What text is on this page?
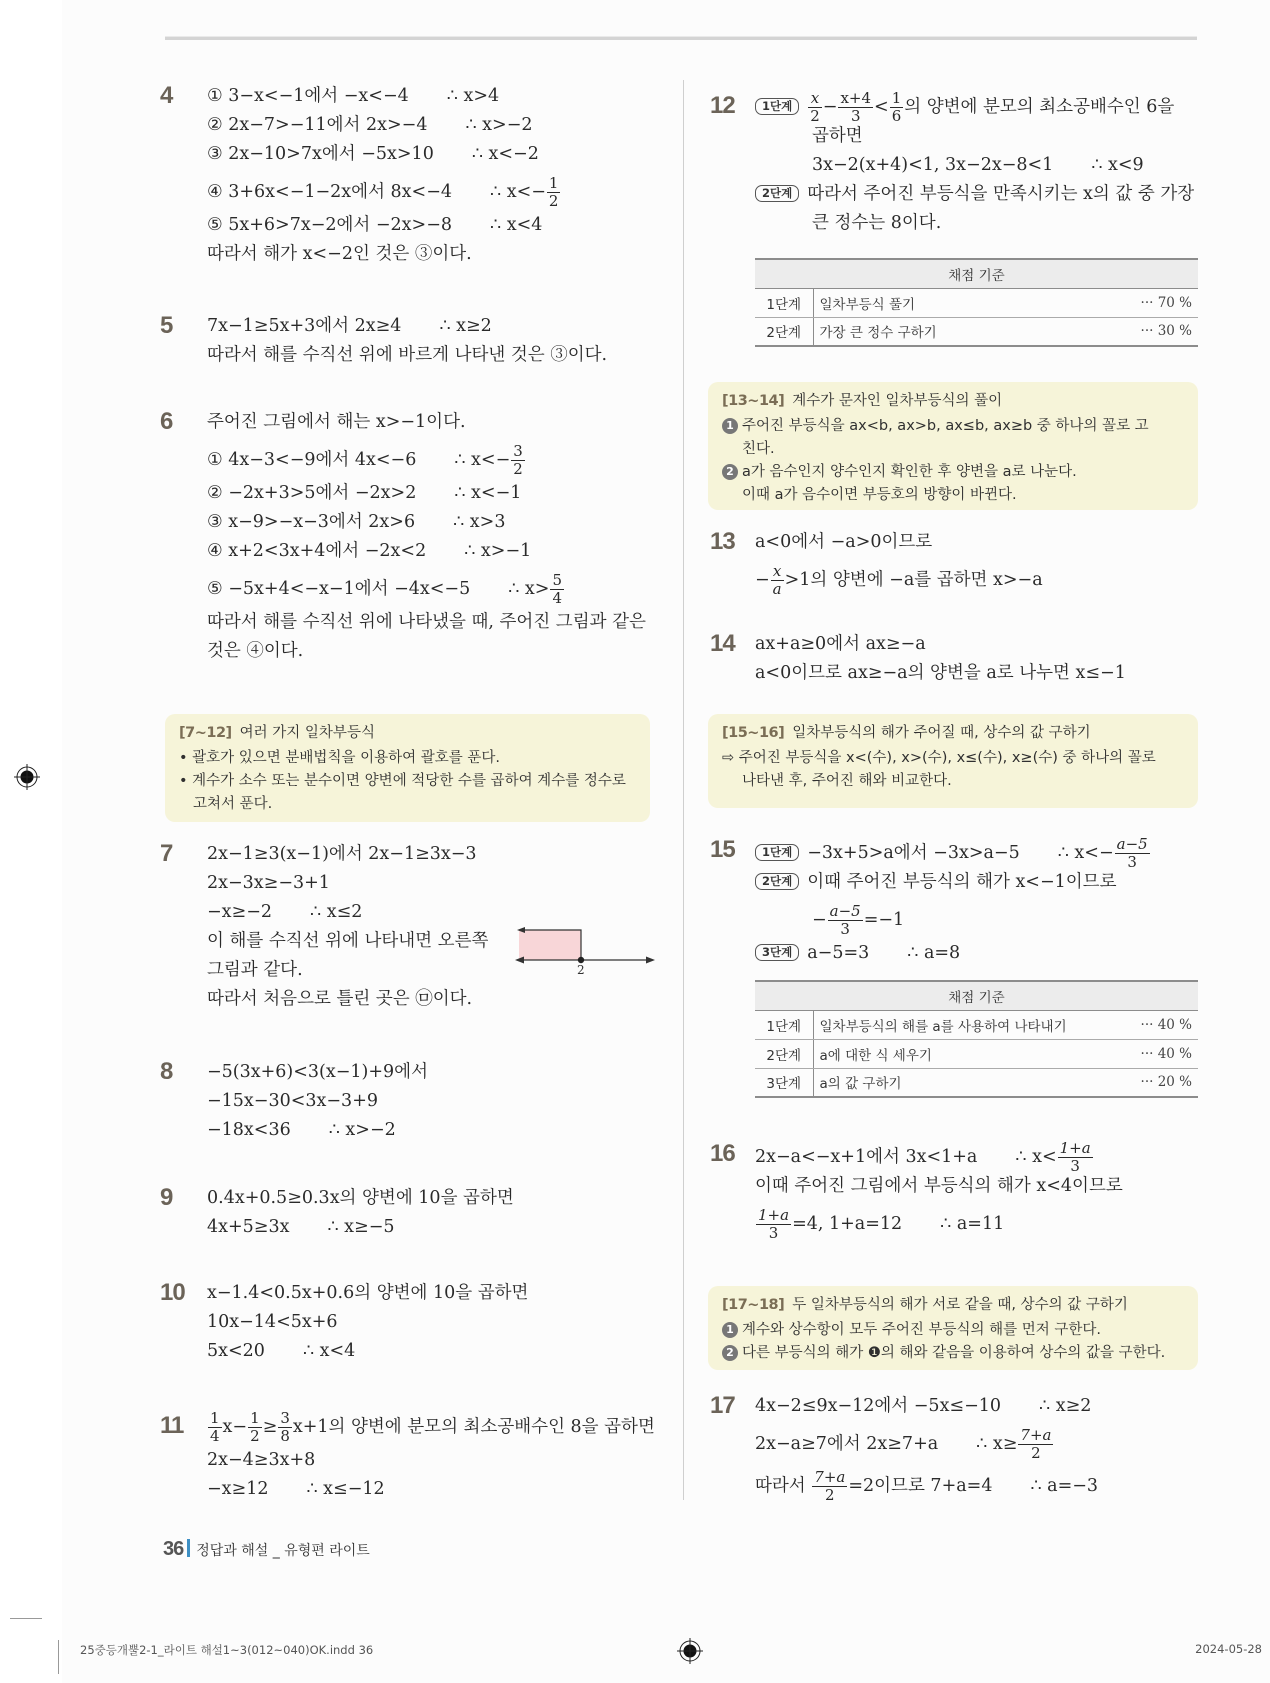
4 ① 3−x<−1에서 −x<−4 ∴ x>4
② 2x−7>−11에서 2x>−4 ∴ x>−2
③ 2x−10>7x에서 −5x>10 ∴ x<−2
④ 3+6x<−1−2x에서 8x<−4 ∴ $x<- \frac{1}{2}$
⑤ 5x+6>7x−2에서 −2x>−8 ∴ x<4
따라서 해가 x<−2인 것은 ③이다.
5 7x−1≥5x+3에서 2x≥4 ∴ x≥2
따라서 해를 수직선 위에 바르게 나타낸 것은 ③이다.
6 주어진 그림에서 해는 x>−1이다.
① 4x−3<−9에서 4x<−6 ∴ $x<- \frac{3}{2}$
② −2x+3>5에서 −2x>2 ∴ x<−1
③ x−9>−x−3에서 2x>6 ∴ x>3
④ x+2<3x+4에서 −2x<2 ∴ x>−1
⑤ −5x+4<−x−1에서 −4x<−5 ∴ $x> \frac{5}{4}$
따라서 해를 수직선 위에 나타냈을 때, 주어진 그림과 같은
것은 ④이다.
[7~12] 여러 가지 일차부등식
• 괄호가 있으면 분배법칙을 이용하여 괄호를 푼다.
• 계수가 소수 또는 분수이면 양변에 적당한 수를 곱하여 계수를 정수로 고쳐서 푼다.
7 2x−1≥3(x−1)에서 2x−1≥3x−3
2x−3x≥−3+1
−x≥−2 ∴ x≤2
이 해를 수직선 위에 나타내면 오른쪽
그림과 같다.
따라서 처음으로 틀린 곳은 ㉤이다.
2
8 −5(3x+6)<3(x−1)+9에서
−15x−30<3x−3+9
−18x<36 ∴ x>−2
9 0.4x+0.5≥0.3x의 양변에 10을 곱하면
4x+5≥3x ∴ x≥−5
10 x−1.4<0.5x+0.6의 양변에 10을 곱하면
10x−14<5x+6
5x<20 ∴ x<4
$11 \frac{1}{4} x- \frac{1}{2} \ge \frac{3}{8} x+1$의 양변에 분모의 최소공배수인 8을 곱하면
2x−4≥3x+8
−x≥12 ∴ x≤−12
12	1단계 $\frac{x}{2} - \frac{x+4}{3} < \frac{1}{6}$ 의 양변에 분모의 최소공배수인 6을
곱하면
3x−2(x+4)<1, 3x−2x−8<1 ∴ x<9
2단계 따라서 주어진 부등식을 만족시키는 x의 값 중 가장
큰 정수는 8이다.
채점 기준		
1단계	일차부등식 풀기	··· 70 %
2단계	가장 큰 정수 구하기	··· 30 %
[13~14] 계수가 문자인 일차부등식의 풀이
1 주어진 부등식을 ax<b, ax>b, ax≤b, ax≥b 중 하나의 꼴로 고
친다.
2 a가 음수인지 양수인지 확인한 후 양변을 a로 나눈다.
이때 a가 음수이면 부등호의 방향이 바뀐다.
13 a<0에서 −a>0이므로
− $\frac{x}{a} >1$의 양변에 −a를 곱하면 x>−a
14 ax+a≥0에서 ax≥−a
a<0이므로 ax≥−a의 양변을 a로 나누면 x≤−1
[15~16] 일차부등식의 해가 주어질 때, 상수의 값 구하기
⇨ 주어진 부등식을 x<(수), x>(수), x≤(수), x≥(수) 중 하나의 꼴로
나타낸 후, 주어진 해와 비교한다.
15	1단계 −3x+5>a에서 −3x>a−5 ∴ $x<- \frac{a-5}{3}$
2단계 이때 주어진 부등식의 해가 x<−1이므로
− $\frac{a-5}{3} =-1$
3단계 a−5=3 ∴ a=8
채점 기준		
1단계	일차부등식의 해를 a를 사용하여 나타내기	··· 40 %
2단계	a에 대한 식 세우기	··· 40 %
3단계	a의 값 구하기	··· 20 %
16 2x−a<−x+1에서 3x<1+a ∴ $x< \frac{1+a}{3}$
이때 주어진 그림에서 부등식의 해가 x<4이므로
$\frac{1+a}{3} =4$, 1+a=12 ∴ a=11
[17~18] 두 일차부등식의 해가 서로 같을 때, 상수의 값 구하기
1 계수와 상수항이 모두 주어진 부등식의 해를 먼저 구한다.
2 다른 부등식의 해가 ❶의 해와 같음을 이용하여 상수의 값을 구한다.
17 4x−2≤9x−12에서 −5x≤−10 ∴ x≥2
2x−a≥7에서 2x≥7+a ∴ $x\ge \frac{7+a}{2}$
따라서 $\frac{7+a}{2} =2$이므로 7+a=4 ∴ a=−3
36 정답과 해설 _ 유형편 라이트
25중등개뿔2-1_라이트 해설1~3(012~040)OK.indd 36	2024-05-28
